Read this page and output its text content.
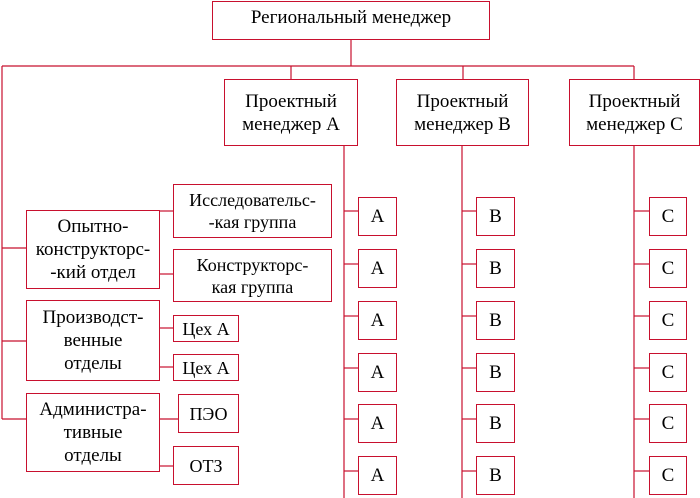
Региональный менеджер
Проектный
менеджер A
Проектный
менеджер B
Проектный
менеджер C
Опытно-
конструкторс-
-кий отдел
Производст-
венные
отделы
Администра-
тивные
отделы
Исследовательс-
-кая группа
Конструкторс-
кая группа
Цех А
Цех А
ПЭО
ОТЗ
A
A
A
A
A
A
B
B
B
B
B
B
C
C
C
C
C
C
